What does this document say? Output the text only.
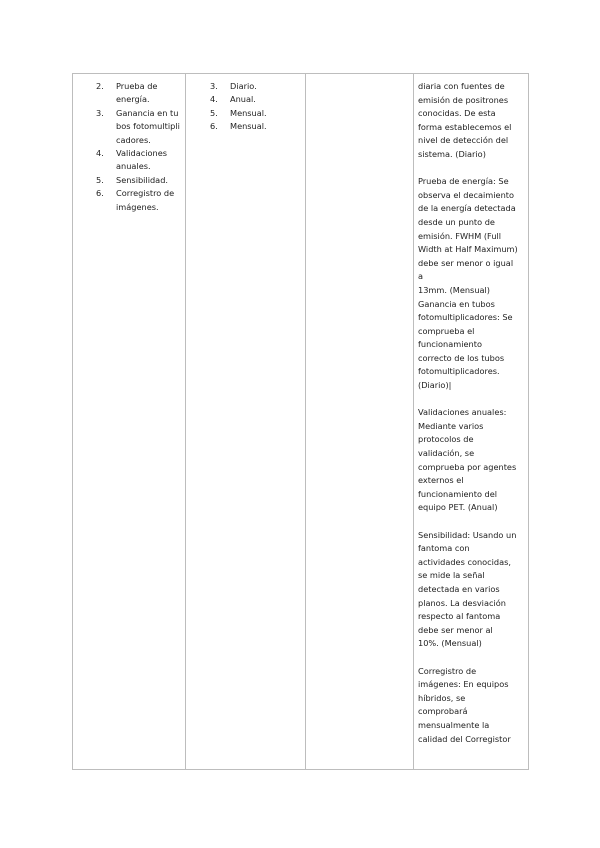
2. Prueba de energía.
3. Ganancia en tubos fotomultiplicadores.
4. Validaciones anuales.
5. Sensibilidad.
6. Corregistro de imágenes.
3. Diario.
4. Anual.
5. Mensual.
6. Mensual.

diaria con fuentes de
emisión de positrones
conocidas. De esta
forma establecemos el
nivel de detección del
sistema. (Diario)

Prueba de energía: Se
observa el decaimiento
de la energía detectada
desde un punto de
emisión. FWHM (Full
Width at Half Maximum)
debe ser menor o igual
a
13mm. (Mensual)
Ganancia en tubos
fotomultiplicadores: Se
comprueba el
funcionamiento
correcto de los tubos
fotomultiplicadores.
(Diario)|

Validaciones anuales:
Mediante varios
protocolos de
validación, se
comprueba por agentes
externos el
funcionamiento del
equipo PET. (Anual)

Sensibilidad: Usando un
fantoma con
actividades conocidas,
se mide la señal
detectada en varios
planos. La desviación
respecto al fantoma
debe ser menor al
10%. (Mensual)

Corregistro de
imágenes: En equipos
híbridos, se
comprobará
mensualmente la
calidad del Corregistor
